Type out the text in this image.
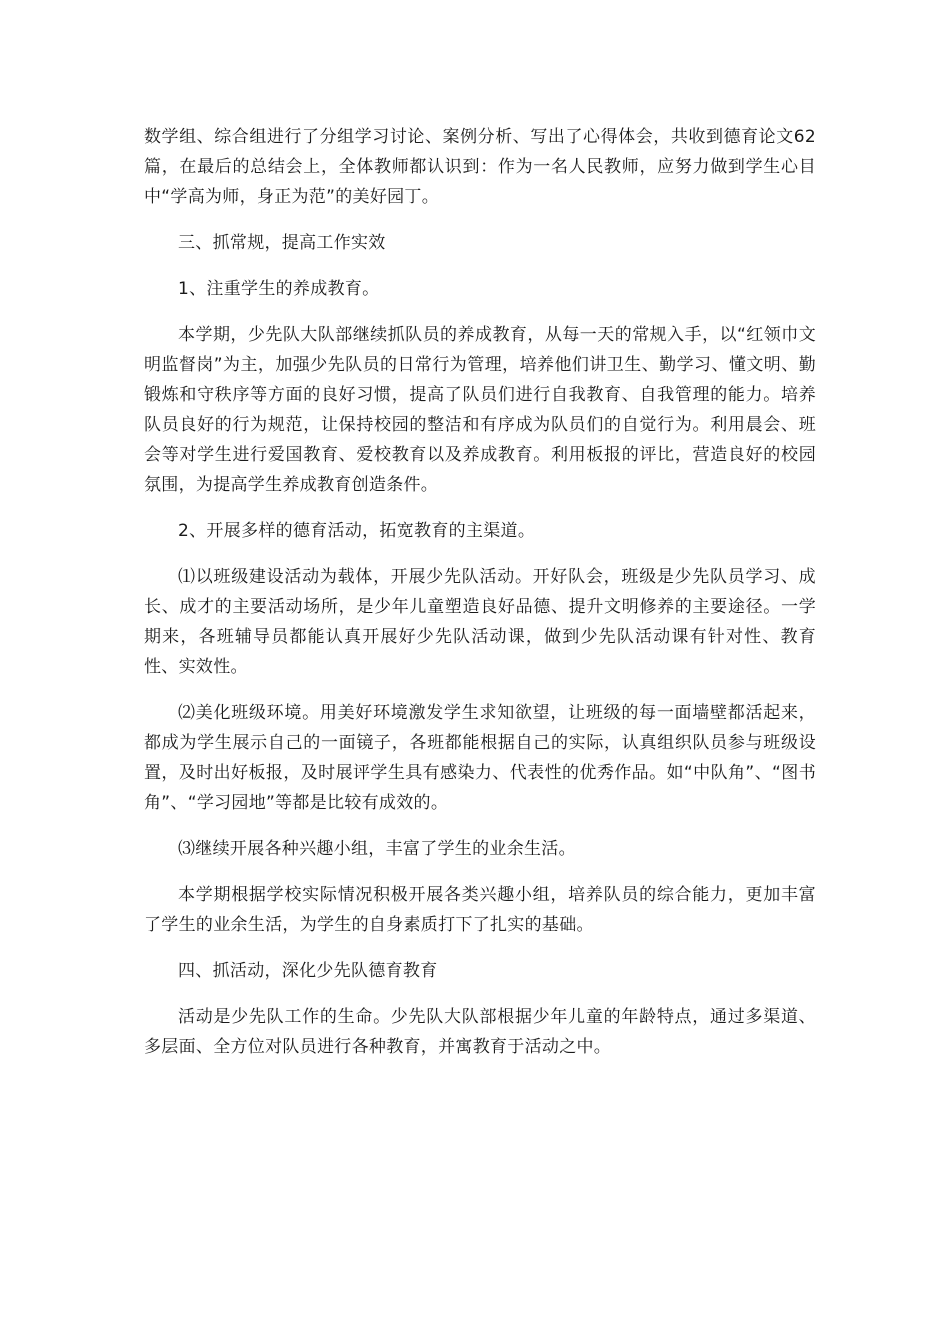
数学组、综合组进行了分组学习讨论、案例分析、写出了心得体会，共收到德育论文62篇，在最后的总结会上，全体教师都认识到：作为一名人民教师，应努力做到学生心目中“学高为师，身正为范”的美好园丁。

三、抓常规，提高工作实效

1、注重学生的养成教育。

本学期，少先队大队部继续抓队员的养成教育，从每一天的常规入手，以“红领巾文明监督岗”为主，加强少先队员的日常行为管理，培养他们讲卫生、勤学习、懂文明、勤锻炼和守秩序等方面的良好习惯，提高了队员们进行自我教育、自我管理的能力。培养队员良好的行为规范，让保持校园的整洁和有序成为队员们的自觉行为。利用晨会、班会等对学生进行爱国教育、爱校教育以及养成教育。利用板报的评比，营造良好的校园氛围，为提高学生养成教育创造条件。

2、开展多样的德育活动，拓宽教育的主渠道。

⑴以班级建设活动为载体，开展少先队活动。开好队会，班级是少先队员学习、成长、成才的主要活动场所，是少年儿童塑造良好品德、提升文明修养的主要途径。一学期来，各班辅导员都能认真开展好少先队活动课，做到少先队活动课有针对性、教育性、实效性。

⑵美化班级环境。用美好环境激发学生求知欲望，让班级的每一面墙壁都活起来，都成为学生展示自己的一面镜子，各班都能根据自己的实际，认真组织队员参与班级设置，及时出好板报，及时展评学生具有感染力、代表性的优秀作品。如“中队角”、“图书角”、“学习园地”等都是比较有成效的。

⑶继续开展各种兴趣小组，丰富了学生的业余生活。

本学期根据学校实际情况积极开展各类兴趣小组，培养队员的综合能力，更加丰富了学生的业余生活，为学生的自身素质打下了扎实的基础。

四、抓活动，深化少先队德育教育

活动是少先队工作的生命。少先队大队部根据少年儿童的年龄特点，通过多渠道、多层面、全方位对队员进行各种教育，并寓教育于活动之中。
